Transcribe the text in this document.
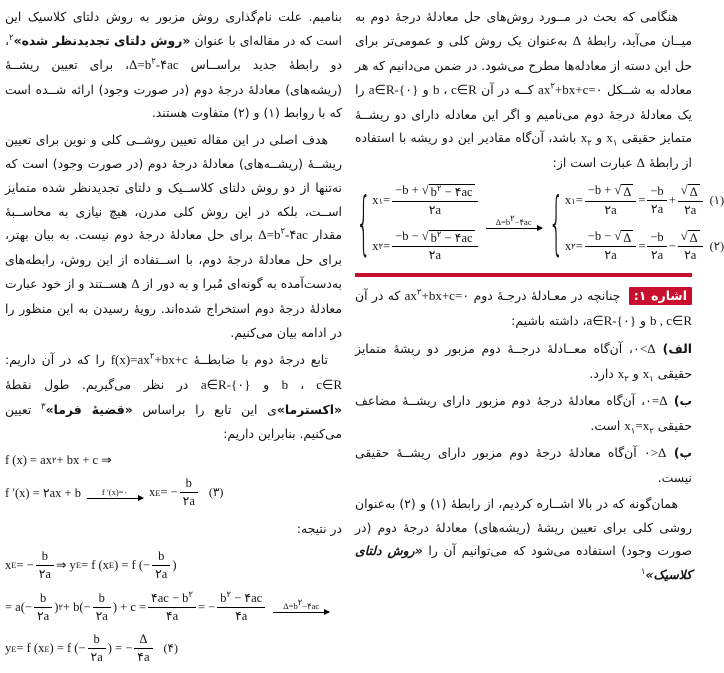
هنگامی که بحث در مــورد روش‌های حل معادلۀ درجۀ دوم به میــان می‌آید، رابطۀ Δ به‌عنوان یک روش کلی و عمومی‌تر برای حل این دسته از معادله‌ها مطرح می‌شود. در ضمن می‌دانیم که هر معادله به شــکل $ax^۲+bx+c=۰$ کــه در آن b ، c∈R و a∈R-{۰} را یک معادلۀ درجۀ دوم می‌نامیم و اگر این معادله دارای دو ریشــۀ متمایز حقیقی $x_۱$ و $x_۲$ باشد، آن‌گاه مقادیر این دو ریشه با استفاده از رابطۀ Δ عبارت است از:

{ x ۱ = $\frac{-b + √ b^۲ - ۴ac}{۲a}$
x ۲ = $\frac{-b - √ b^۲ - ۴ac}{۲a}$
Δ=b۲−۴ac { x ۱ = $\frac{-b + √ \Delta}{۲a} = \frac{-b}{۲a} + \frac{√ \Delta}{۲a}$ (۱)
x ۲ = $\frac{-b - √ \Delta}{۲a} = \frac{-b}{۲a} - \frac{√ \Delta}{۲a}$ (۲)

اشاره ۱: چنانچه در معـادلۀ درجـۀ دوم $ax^۲+bx+c=۰$ که در آن b , c∈R و a∈R-{۰}، داشته باشیم:

الف) ۰<Δ، آن‌گاه معــادلۀ درجــۀ دوم مزبور دو ریشۀ متمایز حقیقی $x_۱$ و $x_۲$ دارد.

ب) ۰=Δ، آن‌گاه معادلۀ درجۀ دوم مزبور دارای ریشــۀ مضاعف حقیقی $x_۱=x_۲$ است.

پ) ۰>Δ آن‌گاه معادلۀ درجۀ دوم مزبور دارای ریشــۀ حقیقی نیست.

همان‌گونه که در بالا اشــاره کردیم، از رابطۀ (۱) و (۲) به‌عنوان روشی کلی برای تعیین ریشۀ (ریشه‌های) معادلۀ درجۀ دوم (در صورت وجود) استفاده می‌شود که می‌توانیم آن را «روش دلتای کلاسیک»$^۱$

بنامیم. علت نام‌گذاری روش مزبور به روش دلتای کلاسیک این است که در مقاله‌ای با عنوان «روش دلتای تجدیدنظر شده»$^۲$، دو رابطۀ جدید براســاس $\Delta=b^۲-۴ac،$ برای تعیین ریشــۀ (ریشه‌های) معادلۀ درجۀ دوم (در صورت وجود) ارائه شــده است که با روابط (۱) و (۲) متفاوت هستند.

هدف اصلی در این مقاله تعیین روشــی کلی و نوین برای تعیین ریشــۀ (ریشــه‌های) معادلۀ درجۀ دوم (در صورت وجود) است که نه‌تنها از دو روش دلتای کلاســیک و دلتای تجدیدنظر شده متمایز اســت، بلکه در این روش کلی مدرن، هیچ نیازی به محاســبۀ مقدار $\Delta=b^۲-۴ac$ برای حل معادلۀ درجۀ دوم نیست. به بیان بهتر، برای حل معادلۀ درجۀ دوم، با اســتفاده از این روش، رابطه‌های به‌دست‌آمده به گونه‌ای مُبرا و به دور از Δ هســتند و از خود عبارت معادلۀ درجۀ دوم استخراج شده‌اند. رویۀ رسیدن به این منظور را در ادامه بیان می‌کنیم.

تابع درجۀ دوم با ضابطــۀ $f(x)=ax^۲+bx+c$ را که در آن داریم: b ، c∈R و a∈R-{۰} در نظر می‌گیریم. طول نقطۀ «اکسترما»ی این تابع را براساس «قضیۀ فرما»$^۳$ تعیین می‌کنیم. بنابراین داریم:

f (x) = ax ۲ + bx + c ⇒
f ′(x) = ۲ax + b f ′(x)=۰ x E = − $\frac{b}{۲a}$ (۳)

در نتیجه:

x E = − $\frac{b}{۲a}$ ⇒ y E = f (x E ) = f (− $\frac{b}{۲a}$ )
= $a(- \frac{b}{۲a}$ ) ۲ + $b(- \frac{b}{۲a}$ ) + $c = \frac{۴ac - b^۲}{۴a}$ = − $\frac{b^۲ - ۴ac}{۴a}$ Δ=b۲−۴ac
y E = f (x E ) = f (− $\frac{b}{۲a}$ ) = − $\frac{\Delta}{۴a}$ (۴)
